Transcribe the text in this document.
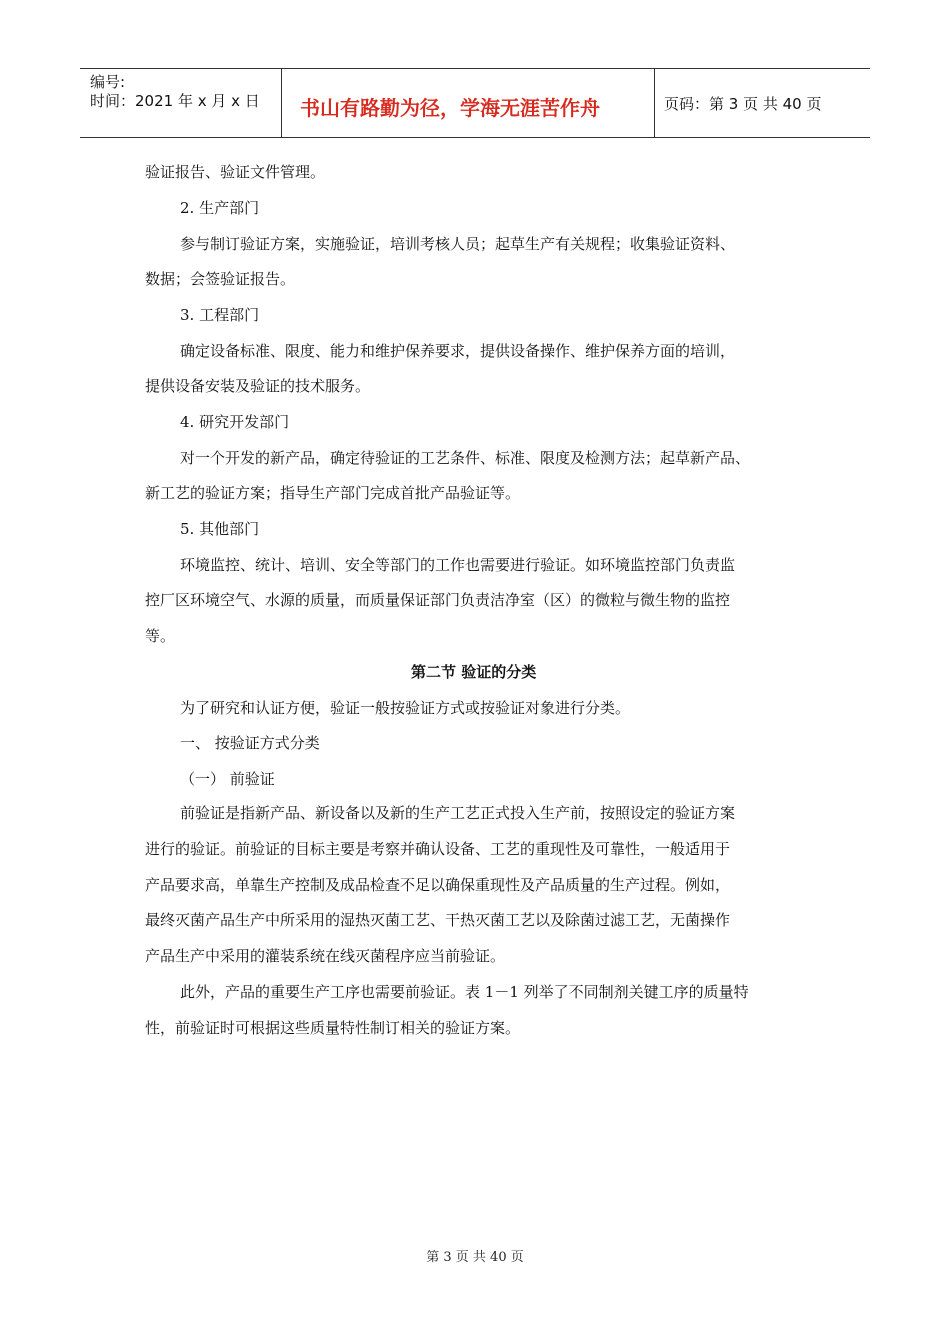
编号:
时间：2021 年 x 月 x 日 书山有路勤为径，学海无涯苦作舟	页码：第 3 页 共 40 页
验证报告、验证文件管理。
2. 生产部门
参与制订验证方案，实施验证，培训考核人员；起草生产有关规程；收集验证资料、
数据；会签验证报告。
3. 工程部门
确定设备标准、限度、能力和维护保养要求，提供设备操作、维护保养方面的培训，
提供设备安装及验证的技术服务。
4. 研究开发部门
对一个开发的新产品，确定待验证的工艺条件、标准、限度及检测方法；起草新产品、
新工艺的验证方案；指导生产部门完成首批产品验证等。
5. 其他部门
环境监控、统计、培训、安全等部门的工作也需要进行验证。如环境监控部门负责监
控厂区环境空气、水源的质量，而质量保证部门负责洁净室（区）的微粒与微生物的监控
等。
第二节 验证的分类
为了研究和认证方便，验证一般按验证方式或按验证对象进行分类。
一、 按验证方式分类
（一） 前验证
前验证是指新产品、新设备以及新的生产工艺正式投入生产前，按照设定的验证方案
进行的验证。前验证的目标主要是考察并确认设备、工艺的重现性及可靠性，一般适用于
产品要求高，单靠生产控制及成品检查不足以确保重现性及产品质量的生产过程。例如，
最终灭菌产品生产中所采用的湿热灭菌工艺、干热灭菌工艺以及除菌过滤工艺，无菌操作
产品生产中采用的灌装系统在线灭菌程序应当前验证。
此外，产品的重要生产工序也需要前验证。表 1－1 列举了不同制剂关键工序的质量特
性，前验证时可根据这些质量特性制订相关的验证方案。
第 3 页 共 40 页
